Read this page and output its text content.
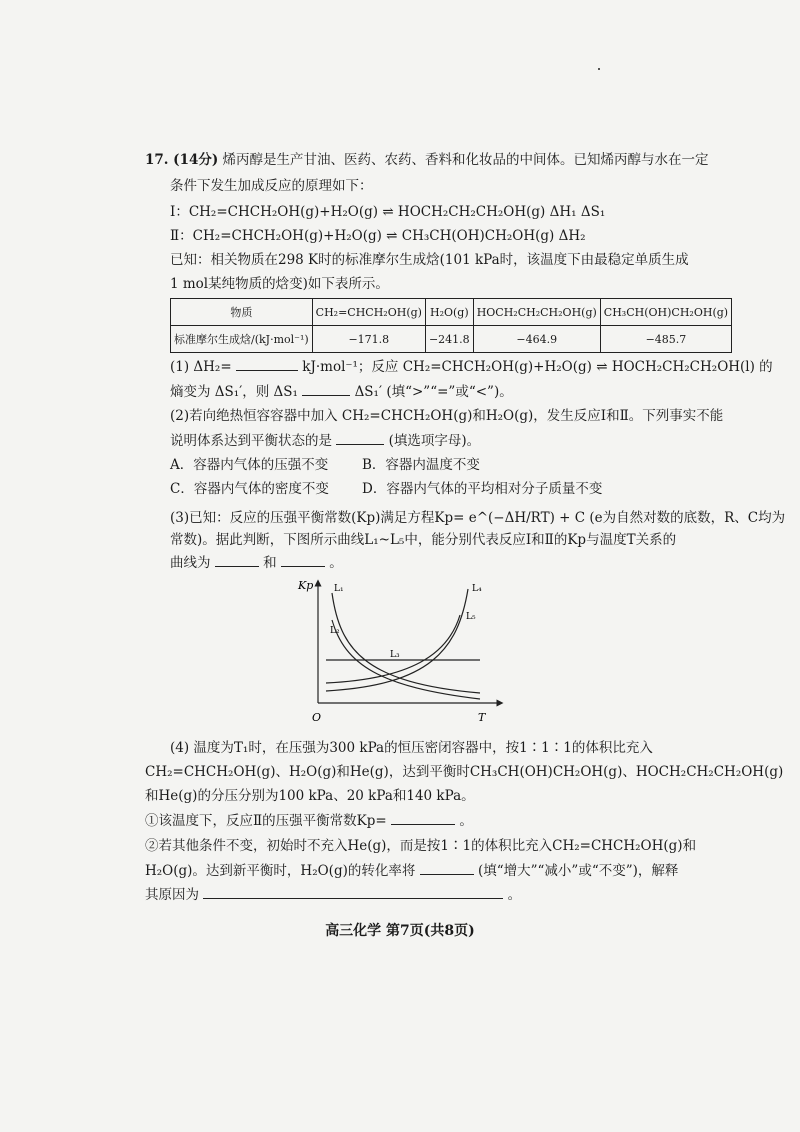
17. (14分) 烯丙醇是生产甘油、医药、农药、香料和化妆品的中间体。已知烯丙醇与水在一定
条件下发生加成反应的原理如下：
Ⅰ：CH₂=CHCH₂OH(g)+H₂O(g) ⇌ HOCH₂CH₂CH₂OH(g) ΔH₁ ΔS₁
Ⅱ：CH₂=CHCH₂OH(g)+H₂O(g) ⇌ CH₃CH(OH)CH₂OH(g) ΔH₂
已知：相关物质在298 K时的标准摩尔生成焓(101 kPa时，该温度下由最稳定单质生成
1 mol某纯物质的焓变)如下表所示。
物质	CH₂=CHCH₂OH(g)	H₂O(g)	HOCH₂CH₂CH₂OH(g)	CH₃CH(OH)CH₂OH(g)
标准摩尔生成焓/(kJ·mol⁻¹)	−171.8	−241.8	−464.9	−485.7
(1) ΔH₂=	kJ·mol⁻¹；反应 CH₂=CHCH₂OH(g)+H₂O(g) ⇌ HOCH₂CH₂CH₂OH(l) 的
熵变为 ΔS₁′，则 ΔS₁	ΔS₁′ (填“>”“=”或“<”)。
(2)若向绝热恒容容器中加入 CH₂=CHCH₂OH(g)和H₂O(g)，发生反应Ⅰ和Ⅱ。下列事实不能
说明体系达到平衡状态的是	(填选项字母)。
A．容器内气体的压强不变	B．容器内温度不变
C．容器内气体的密度不变 D．容器内气体的平均相对分子质量不变
(3)已知：反应的压强平衡常数(Kp)满足方程Kp= e^(−ΔH/RT) + C (e为自然对数的底数，R、C均为
常数)。据此判断，下图所示曲线L₁~L₅中，能分别代表反应Ⅰ和Ⅱ的Kp与温度T关系的
曲线为	和	。
Kp
T
O
L₁
L₂
L₃
L₄
L₅
(4) 温度为T₁时，在压强为300 kPa的恒压密闭容器中，按1∶1∶1的体积比充入
CH₂=CHCH₂OH(g)、H₂O(g)和He(g)，达到平衡时CH₃CH(OH)CH₂OH(g)、HOCH₂CH₂CH₂OH(g)
和He(g)的分压分别为100 kPa、20 kPa和140 kPa。
①该温度下，反应Ⅱ的压强平衡常数Kp=	。
②若其他条件不变，初始时不充入He(g)，而是按1∶1的体积比充入CH₂=CHCH₂OH(g)和
H₂O(g)。达到新平衡时，H₂O(g)的转化率将	(填“增大”“减小”或“不变”)，解释
其原因为	。
高三化学 第7页(共8页)
